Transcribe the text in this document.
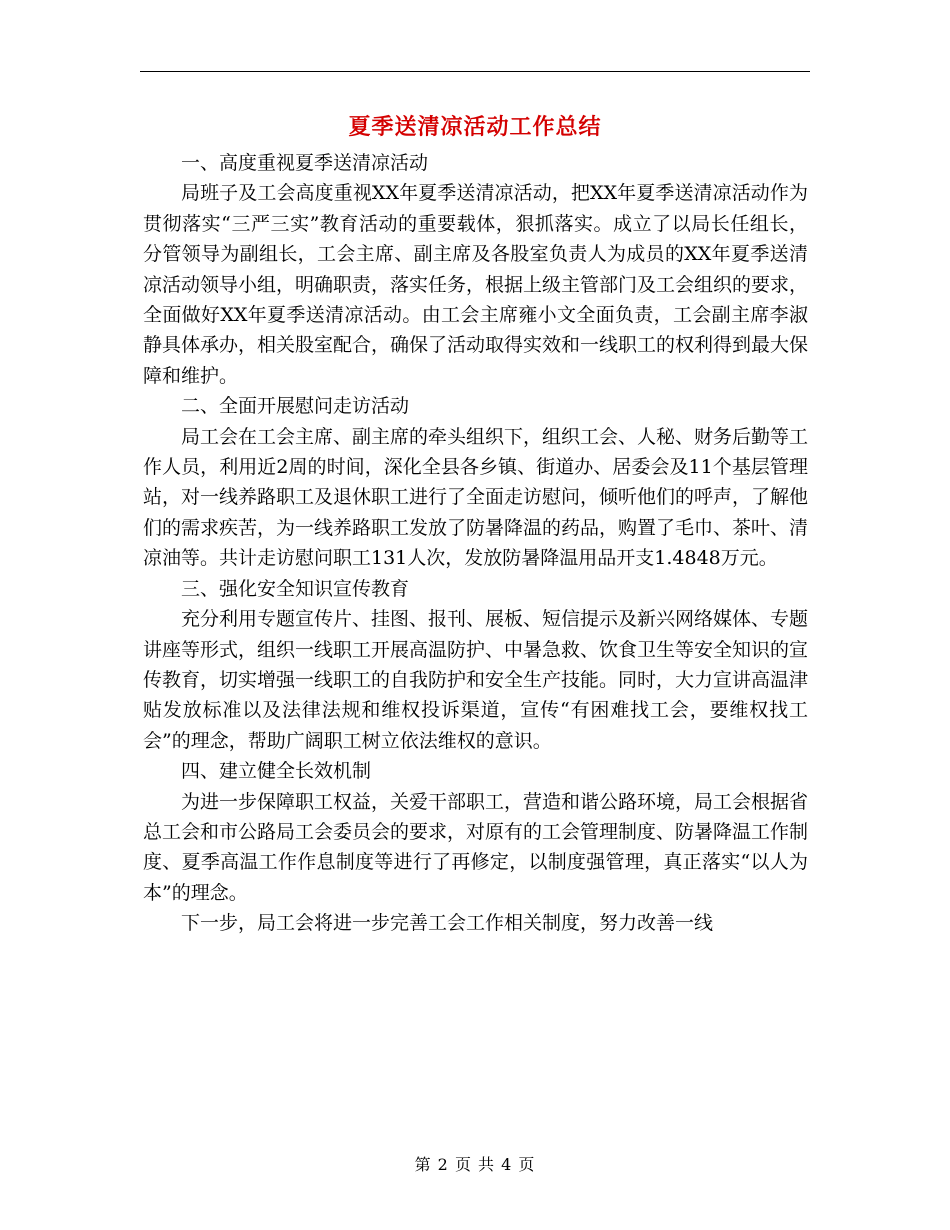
夏季送清凉活动工作总结

一、高度重视夏季送清凉活动

局班子及工会高度重视XX年夏季送清凉活动，把XX年夏季送清凉活动作为贯彻落实“三严三实”教育活动的重要载体，狠抓落实。成立了以局长任组长，分管领导为副组长，工会主席、副主席及各股室负责人为成员的XX年夏季送清凉活动领导小组，明确职责，落实任务，根据上级主管部门及工会组织的要求，全面做好XX年夏季送清凉活动。由工会主席雍小文全面负责，工会副主席李淑静具体承办，相关股室配合，确保了活动取得实效和一线职工的权利得到最大保障和维护。

二、全面开展慰问走访活动

局工会在工会主席、副主席的牵头组织下，组织工会、人秘、财务后勤等工作人员，利用近2周的时间，深化全县各乡镇、街道办、居委会及11个基层管理站，对一线养路职工及退休职工进行了全面走访慰问，倾听他们的呼声，了解他们的需求疾苦，为一线养路职工发放了防暑降温的药品，购置了毛巾、茶叶、清凉油等。共计走访慰问职工131人次，发放防暑降温用品开支1.4848万元。

三、强化安全知识宣传教育

充分利用专题宣传片、挂图、报刊、展板、短信提示及新兴网络媒体、专题讲座等形式，组织一线职工开展高温防护、中暑急救、饮食卫生等安全知识的宣传教育，切实增强一线职工的自我防护和安全生产技能。同时，大力宣讲高温津贴发放标准以及法律法规和维权投诉渠道，宣传“有困难找工会，要维权找工会”的理念，帮助广阔职工树立依法维权的意识。

四、建立健全长效机制

为进一步保障职工权益，关爱干部职工，营造和谐公路环境，局工会根据省总工会和市公路局工会委员会的要求，对原有的工会管理制度、防暑降温工作制度、夏季高温工作作息制度等进行了再修定，以制度强管理，真正落实“以人为本”的理念。

下一步，局工会将进一步完善工会工作相关制度，努力改善一线

第 2 页 共 4 页
